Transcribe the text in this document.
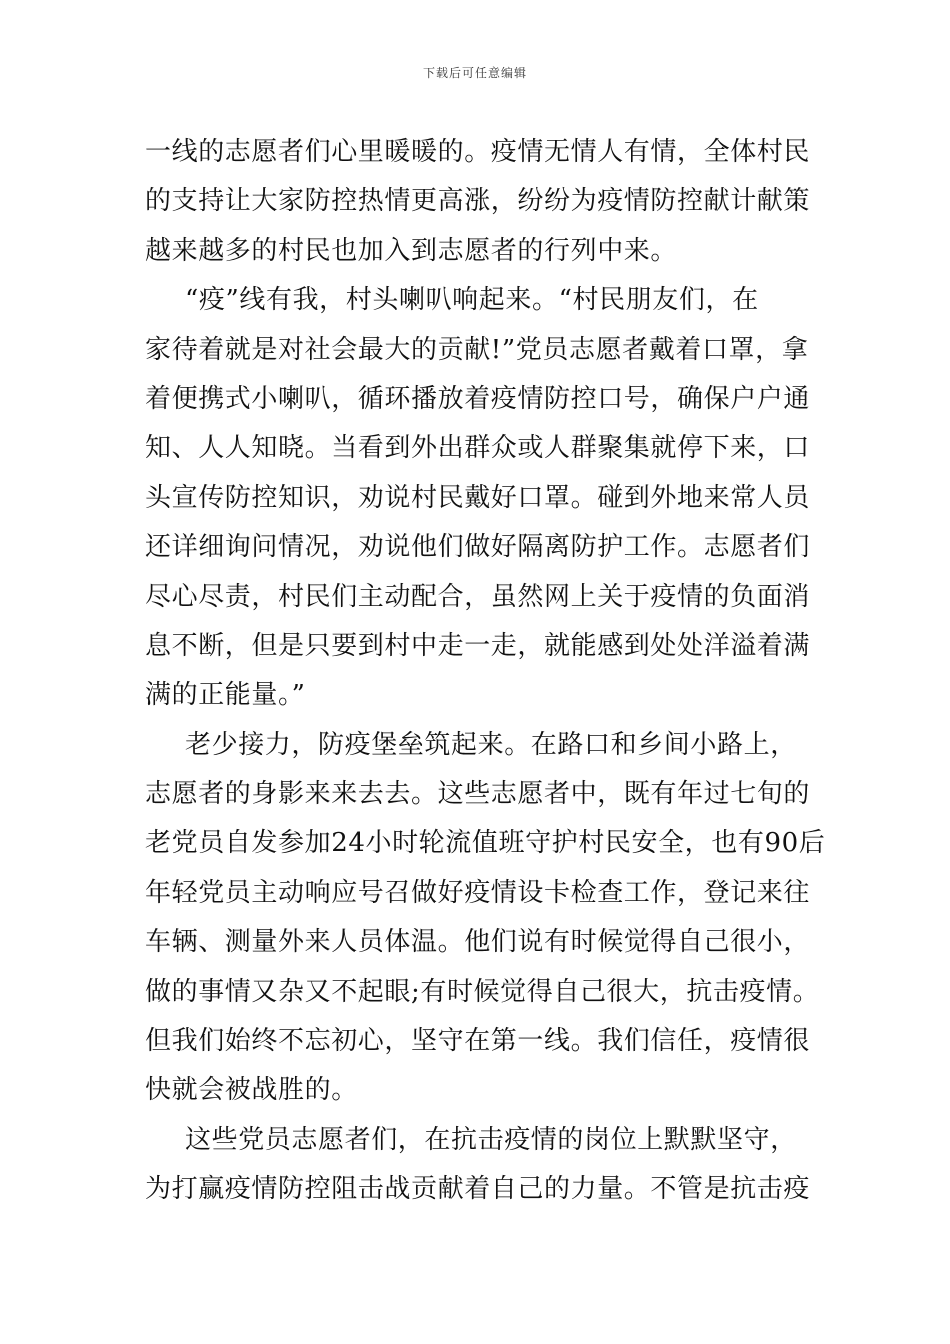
下载后可任意编辑
一线的志愿者们心里暖暖的。疫情无情人有情，全体村民
的支持让大家防控热情更高涨，纷纷为疫情防控献计献策
越来越多的村民也加入到志愿者的行列中来。
“疫”线有我，村头喇叭响起来。“村民朋友们，在
家待着就是对社会最大的贡献!”党员志愿者戴着口罩，拿
着便携式小喇叭，循环播放着疫情防控口号，确保户户通
知、人人知晓。当看到外出群众或人群聚集就停下来，口
头宣传防控知识，劝说村民戴好口罩。碰到外地来常人员
还详细询问情况，劝说他们做好隔离防护工作。志愿者们
尽心尽责，村民们主动配合，虽然网上关于疫情的负面消
息不断，但是只要到村中走一走，就能感到处处洋溢着满
满的正能量。”
老少接力，防疫堡垒筑起来。在路口和乡间小路上，
志愿者的身影来来去去。这些志愿者中，既有年过七旬的
老党员自发参加24小时轮流值班守护村民安全，也有90后
年轻党员主动响应号召做好疫情设卡检查工作，登记来往
车辆、测量外来人员体温。他们说有时候觉得自己很小，
做的事情又杂又不起眼;有时候觉得自己很大，抗击疫情。
但我们始终不忘初心，坚守在第一线。我们信任，疫情很
快就会被战胜的。
这些党员志愿者们，在抗击疫情的岗位上默默坚守，
为打赢疫情防控阻击战贡献着自己的力量。不管是抗击疫
